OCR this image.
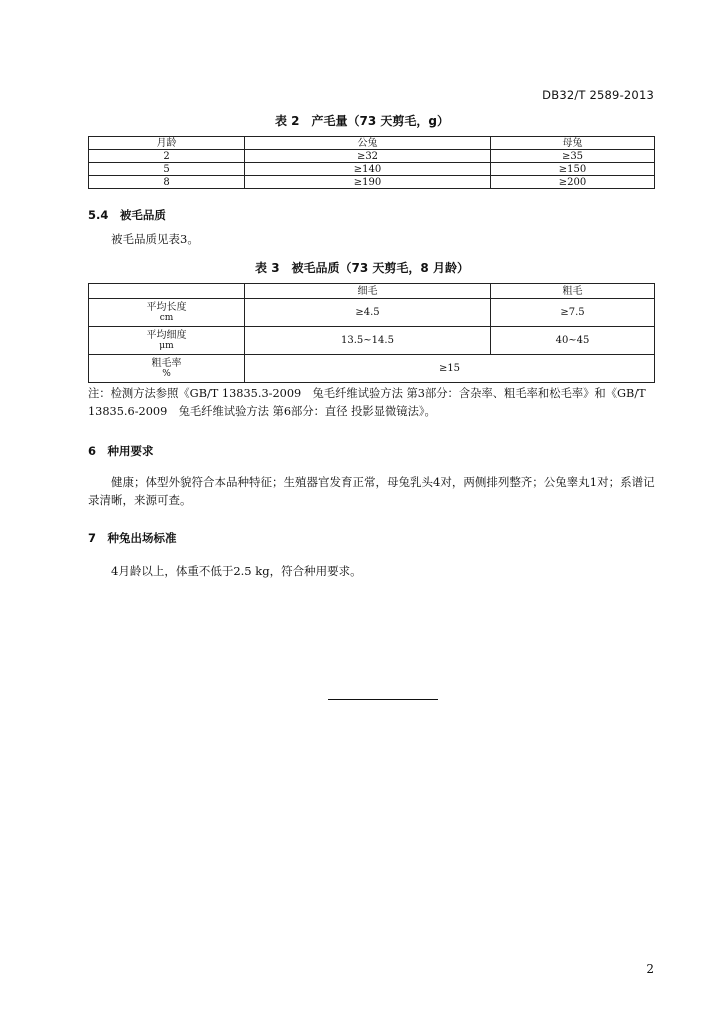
DB32/T 2589-2013
表 2　产毛量（73 天剪毛，g）
月龄	公兔	母兔
2	≥32	≥35
5	≥140	≥150
8	≥190	≥200
5.4　被毛品质
被毛品质见表3。
表 3　被毛品质（73 天剪毛，8 月龄）
	细毛	粗毛

平均长度
cm	≥4.5	≥7.5

平均细度
μm	13.5~14.5	40~45

粗毛率
%	≥15	
注：检测方法参照《GB/T 13835.3-2009　兔毛纤维试验方法 第3部分：含杂率、粗毛率和松毛率》和《GB/T 13835.6-2009　兔毛纤维试验方法 第6部分：直径 投影显微镜法》。
6　种用要求
健康；体型外貌符合本品种特征；生殖器官发育正常，母兔乳头4对，两侧排列整齐；公兔睾丸1对；系谱记录清晰，来源可查。
7　种兔出场标准
4月龄以上，体重不低于2.5 kg，符合种用要求。
2
